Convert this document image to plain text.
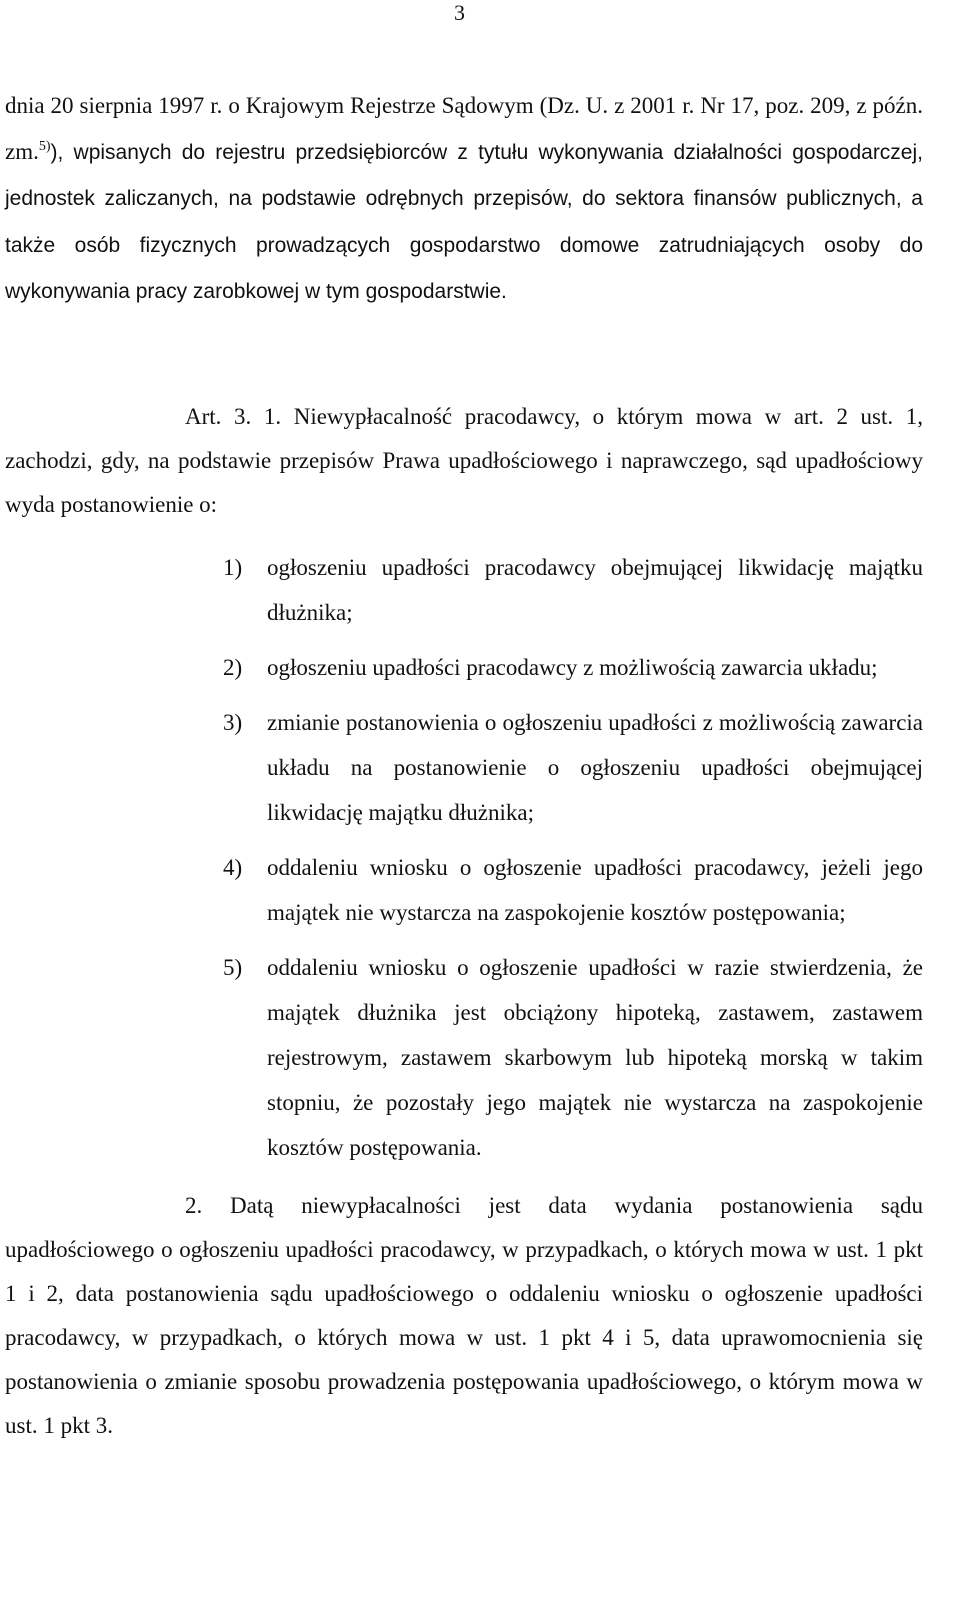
3

dnia 20 sierpnia 1997 r. o Krajowym Rejestrze Sądowym (Dz. U. z 2001 r. Nr 17, poz. 209, z późn. zm.$^{5)}$), wpisanych do rejestru przedsiębiorców z tytułu wykonywania działalności gospodarczej, jednostek zaliczanych, na podstawie odrębnych przepisów, do sektora finansów publicznych, a także osób fizycznych prowadzących gospodarstwo domowe zatrudniających osoby do wykonywania pracy zarobkowej w tym gospodarstwie.

Art. 3. 1. Niewypłacalność pracodawcy, o którym mowa w art. 2 ust. 1, zachodzi, gdy, na podstawie przepisów Prawa upadłościowego i naprawczego, sąd upadłościowy wyda postanowienie o:

1) ogłoszeniu upadłości pracodawcy obejmującej likwidację majątku dłużnika;
2) ogłoszeniu upadłości pracodawcy z możliwością zawarcia układu;
3) zmianie postanowienia o ogłoszeniu upadłości z możliwością zawarcia układu na postanowienie o ogłoszeniu upadłości obejmującej likwidację majątku dłużnika;
4) oddaleniu wniosku o ogłoszenie upadłości pracodawcy, jeżeli jego majątek nie wystarcza na zaspokojenie kosztów postępowania;
5) oddaleniu wniosku o ogłoszenie upadłości w razie stwierdzenia, że majątek dłużnika jest obciążony hipoteką, zastawem, zastawem rejestrowym, zastawem skarbowym lub hipoteką morską w takim stopniu, że pozostały jego majątek nie wystarcza na zaspokojenie kosztów postępowania.

2. Datą niewypłacalności jest data wydania postanowienia sądu upadłościowego o ogłoszeniu upadłości pracodawcy, w przypadkach, o których mowa w ust. 1 pkt 1 i 2, data postanowienia sądu upadłościowego o oddaleniu wniosku o ogłoszenie upadłości pracodawcy, w przypadkach, o których mowa w ust. 1 pkt 4 i 5, data uprawomocnienia się postanowienia o zmianie sposobu prowadzenia postępowania upadłościowego, o którym mowa w ust. 1 pkt 3.
